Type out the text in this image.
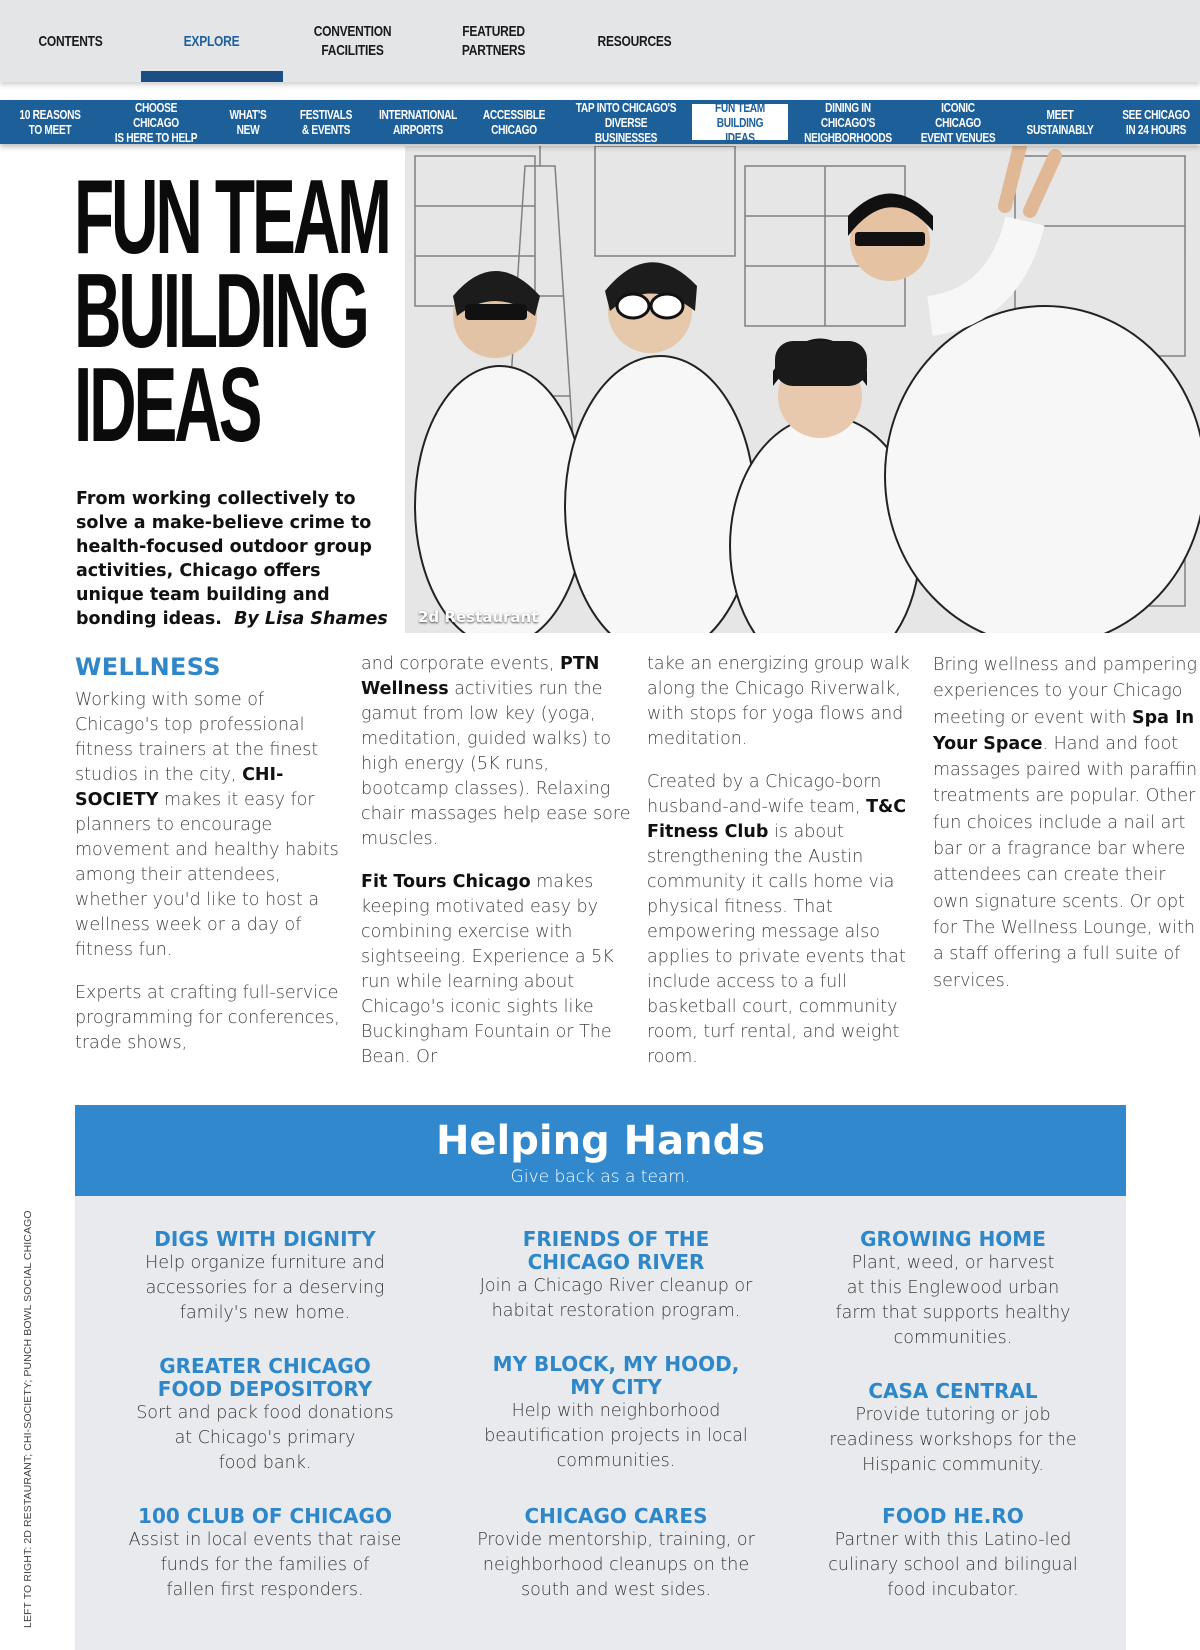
CONTENTS	EXPLORE
CONVENTION
FACILITIES
FEATURED
PARTNERS
RESOURCES
10 REASONS
TO MEET
CHOOSE CHICAGO
IS HERE TO HELP
WHAT'S
NEW
FESTIVALS
& EVENTS
INTERNATIONAL
AIRPORTS
ACCESSIBLE
CHICAGO
TAP INTO CHICAGO'S
DIVERSE BUSINESSES
FUN TEAM
BUILDING IDEAS
DINING IN CHICAGO'S
NEIGHBORHOODS
ICONIC CHICAGO
EVENT VENUES
MEET
SUSTAINABLY
SEE CHICAGO
IN 24 HOURS
FUN TEAM
BUILDING
IDEAS
From working collectively to solve a make-believe crime to health-focused outdoor group activities, Chicago offers unique team building and bonding ideas. By Lisa Shames 2d Restaurant
WELLNESS

Working with some of Chicago's top professional fitness trainers at the finest studios in the city, CHI-SOCIETY makes it easy for planners to encourage movement and healthy habits among their attendees, whether you'd like to host a wellness week or a day of fitness fun.

Experts at crafting full-service programming for conferences, trade shows,

and corporate events, PTN Wellness activities run the gamut from low key (yoga, meditation, guided walks) to high energy (5K runs, bootcamp classes). Relaxing chair massages help ease sore muscles.

Fit Tours Chicago makes keeping motivated easy by combining exercise with sightseeing. Experience a 5K run while learning about Chicago's iconic sights like Buckingham Fountain or The Bean. Or

take an energizing group walk along the Chicago Riverwalk, with stops for yoga flows and meditation.

Created by a Chicago-born husband-and-wife team, T&C Fitness Club is about strengthening the Austin community it calls home via physical fitness. That empowering message also applies to private events that include access to a full basketball court, community room, turf rental, and weight room.

Bring wellness and pampering experiences to your Chicago meeting or event with Spa In Your Space. Hand and foot massages paired with paraffin treatments are popular. Other fun choices include a nail art bar or a fragrance bar where attendees can create their own signature scents. Or opt for The Wellness Lounge, with a staff offering a full suite of services.

Helping Hands
Give back as a team.
DIGS WITH DIGNITY
Help organize furniture and
accessories for a deserving
family's new home.
FRIENDS OF THE
CHICAGO RIVER
Join a Chicago River cleanup or
habitat restoration program.
GROWING HOME
Plant, weed, or harvest
at this Englewood urban
farm that supports healthy
communities.
GREATER CHICAGO
FOOD DEPOSITORY
Sort and pack food donations
at Chicago's primary
food bank.
MY BLOCK, MY HOOD,
MY CITY
Help with neighborhood
beautification projects in local
communities.
CASA CENTRAL
Provide tutoring or job
readiness workshops for the
Hispanic community.
100 CLUB OF CHICAGO
Assist in local events that raise
funds for the families of
fallen first responders.
CHICAGO CARES
Provide mentorship, training, or
neighborhood cleanups on the
south and west sides.
FOOD HE.RO
Partner with this Latino-led
culinary school and bilingual
food incubator.
LEFT TO RIGHT: 2D RESTAURANT; CHI-SOCIETY; PUNCH BOWL SOCIAL CHICAGO
